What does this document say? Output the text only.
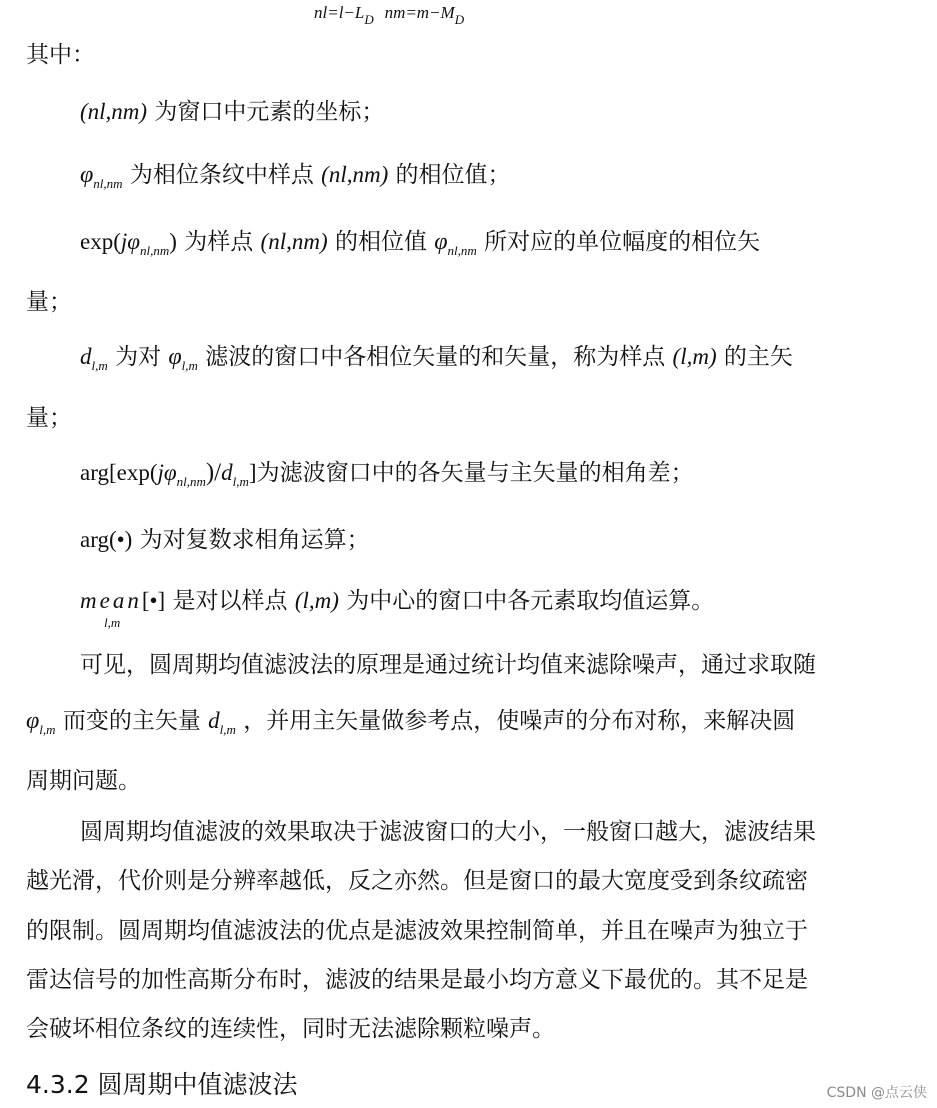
$nl=l-L_D$ $nm=m-M_D$
其中：
(nl,nm) 为窗口中元素的坐标；
$\varphi_{nl,nm}$ 为相位条纹中样点 (nl,nm) 的相位值；
$\exp(j\varphi_{nl,nm})$ 为样点 (nl,nm) 的相位值 $\varphi_{nl,nm}$ 所对应的单位幅度的相位矢
量；
$d_{l,m}$ 为对 $\varphi_{l,m}$ 滤波的窗口中各相位矢量的和矢量，称为样点 (l,m) 的主矢
量；
$arg[\exp(j\varphi_{nl,nm})/d_{l,m}]$为滤波窗口中的各矢量与主矢量的相角差；
arg(•) 为对复数求相角运算；
mean
l,m
[•] 是对以样点 (l,m) 为中心的窗口中各元素取均值运算。
可见，圆周期均值滤波法的原理是通过统计均值来滤除噪声，通过求取随
$\varphi_{l,m}$ 而变的主矢量 $d_{l,m}$ ，并用主矢量做参考点，使噪声的分布对称，来解决圆
周期问题。
圆周期均值滤波的效果取决于滤波窗口的大小，一般窗口越大，滤波结果
越光滑，代价则是分辨率越低，反之亦然。但是窗口的最大宽度受到条纹疏密
的限制。圆周期均值滤波法的优点是滤波效果控制简单，并且在噪声为独立于
雷达信号的加性高斯分布时，滤波的结果是最小均方意义下最优的。其不足是
会破坏相位条纹的连续性，同时无法滤除颗粒噪声。
4.3.2 圆周期中值滤波法	CSDN @点云侠
